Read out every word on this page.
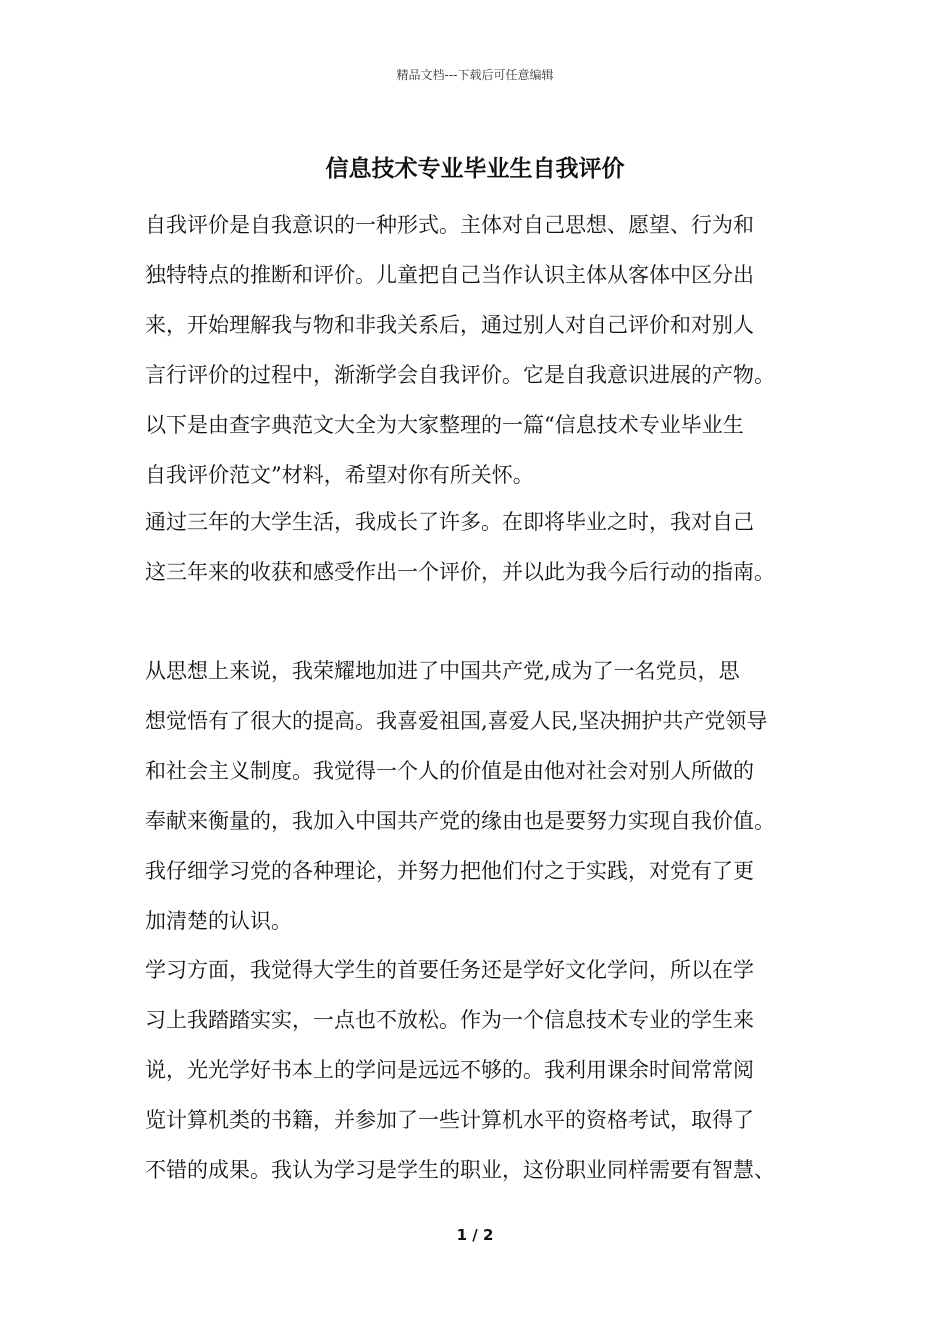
精品文档---下载后可任意编辑
信息技术专业毕业生自我评价
自我评价是自我意识的一种形式。主体对自己思想、愿望、行为和
独特特点的推断和评价。儿童把自己当作认识主体从客体中区分出
来，开始理解我与物和非我关系后，通过别人对自己评价和对别人
言行评价的过程中，渐渐学会自我评价。它是自我意识进展的产物。
以下是由查字典范文大全为大家整理的一篇“信息技术专业毕业生
自我评价范文”材料，希望对你有所关怀。
通过三年的大学生活，我成长了许多。在即将毕业之时，我对自己
这三年来的收获和感受作出一个评价，并以此为我今后行动的指南。
从思想上来说，我荣耀地加进了中国共产党,成为了一名党员，思
想觉悟有了很大的提高。我喜爱祖国,喜爱人民,坚决拥护共产党领导
和社会主义制度。我觉得一个人的价值是由他对社会对别人所做的
奉献来衡量的，我加入中国共产党的缘由也是要努力实现自我价值。
我仔细学习党的各种理论，并努力把他们付之于实践，对党有了更
加清楚的认识。
学习方面，我觉得大学生的首要任务还是学好文化学问，所以在学
习上我踏踏实实，一点也不放松。作为一个信息技术专业的学生来
说，光光学好书本上的学问是远远不够的。我利用课余时间常常阅
览计算机类的书籍，并参加了一些计算机水平的资格考试，取得了
不错的成果。我认为学习是学生的职业，这份职业同样需要有智慧、
1 / 2
